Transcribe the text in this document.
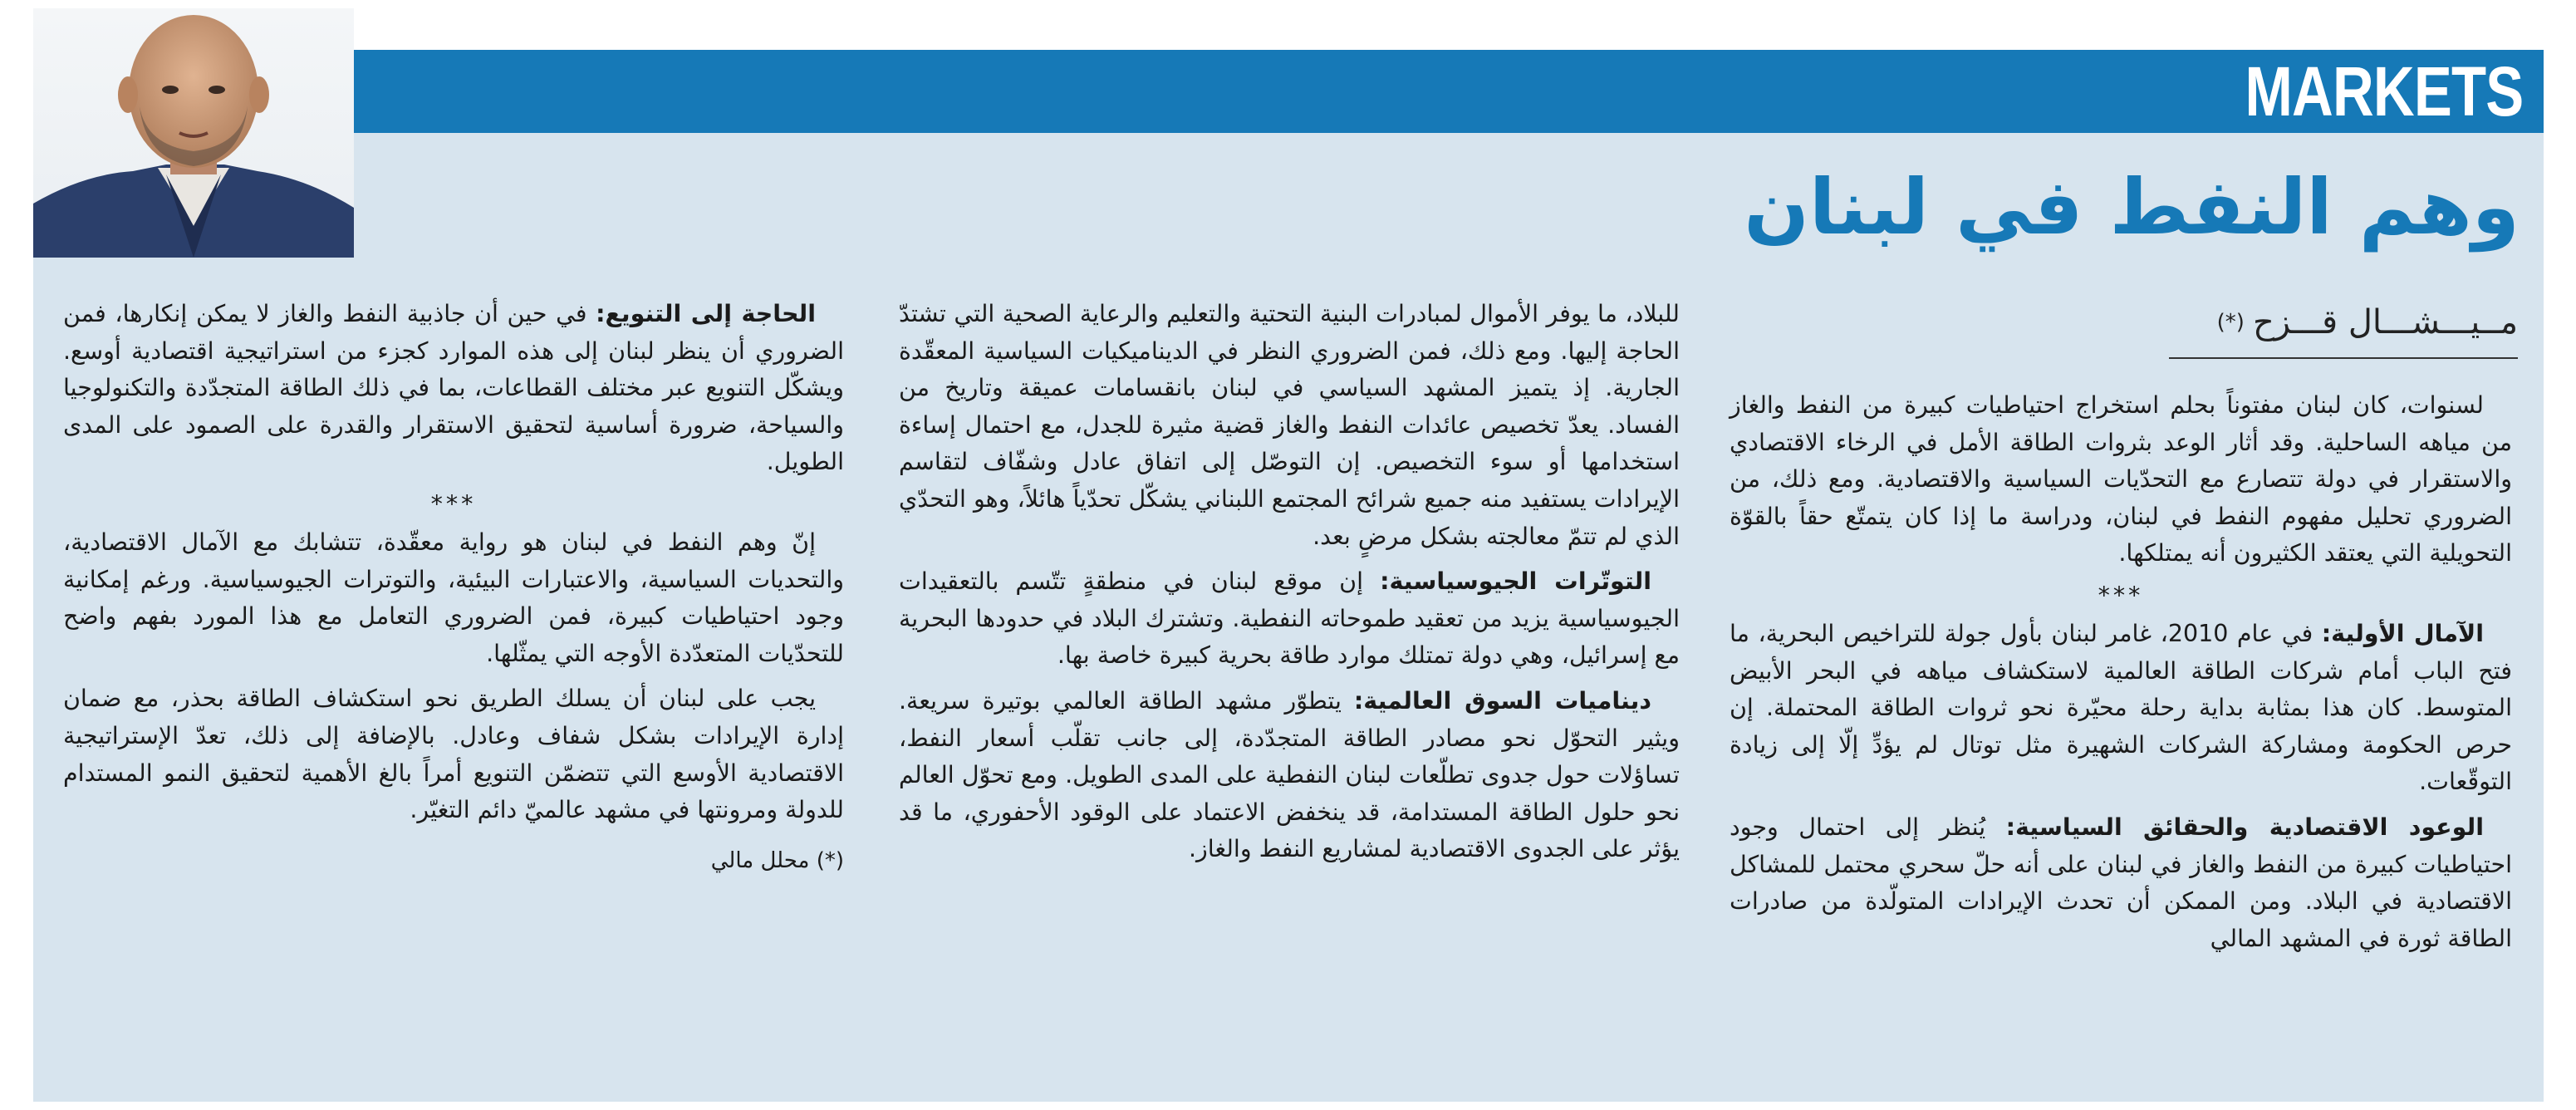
MARKETS
وهم النفط في لبنان
مــيـــشـــال قـــزح(*)

لسنوات، كان لبنان مفتوناً بحلم استخراج احتياطيات كبيرة من النفط والغاز من مياهه الساحلية. وقد أثار الوعد بثروات الطاقة الأمل في الرخاء الاقتصادي والاستقرار في دولة تتصارع مع التحدّيات السياسية والاقتصادية. ومع ذلك، من الضروري تحليل مفهوم النفط في لبنان، ودراسة ما إذا كان يتمتّع حقاً بالقوّة التحويلية التي يعتقد الكثيرون أنه يمتلكها.

***

الآمال الأولية: في عام 2010، غامر لبنان بأول جولة للتراخيص البحرية، ما فتح الباب أمام شركات الطاقة العالمية لاستكشاف مياهه في البحر الأبيض المتوسط. كان هذا بمثابة بداية رحلة محيّرة نحو ثروات الطاقة المحتملة. إن حرص الحكومة ومشاركة الشركات الشهيرة مثل توتال لم يؤدِّ إلّا إلى زيادة التوقّعات.

الوعود الاقتصادية والحقائق السياسية: يُنظر إلى احتمال وجود احتياطيات كبيرة من النفط والغاز في لبنان على أنه حلّ سحري محتمل للمشاكل الاقتصادية في البلاد. ومن الممكن أن تحدث الإيرادات المتولّدة من صادرات الطاقة ثورة في المشهد المالي

للبلاد، ما يوفر الأموال لمبادرات البنية التحتية والتعليم والرعاية الصحية التي تشتدّ الحاجة إليها. ومع ذلك، فمن الضروري النظر في الديناميكيات السياسية المعقّدة الجارية. إذ يتميز المشهد السياسي في لبنان بانقسامات عميقة وتاريخ من الفساد. يعدّ تخصيص عائدات النفط والغاز قضية مثيرة للجدل، مع احتمال إساءة استخدامها أو سوء التخصيص. إن التوصّل إلى اتفاق عادل وشفّاف لتقاسم الإيرادات يستفيد منه جميع شرائح المجتمع اللبناني يشكّل تحدّياً هائلاً، وهو التحدّي الذي لم تتمّ معالجته بشكل مرضٍ بعد.

التوتّرات الجيوسياسية: إن موقع لبنان في منطقةٍ تتّسم بالتعقيدات الجيوسياسية يزيد من تعقيد طموحاته النفطية. وتشترك البلاد في حدودها البحرية مع إسرائيل، وهي دولة تمتلك موارد طاقة بحرية كبيرة خاصة بها.

ديناميات السوق العالمية: يتطوّر مشهد الطاقة العالمي بوتيرة سريعة. ويثير التحوّل نحو مصادر الطاقة المتجدّدة، إلى جانب تقلّب أسعار النفط، تساؤلات حول جدوى تطلّعات لبنان النفطية على المدى الطويل. ومع تحوّل العالم نحو حلول الطاقة المستدامة، قد ينخفض الاعتماد على الوقود الأحفوري، ما قد يؤثر على الجدوى الاقتصادية لمشاريع النفط والغاز.

الحاجة إلى التنويع: في حين أن جاذبية النفط والغاز لا يمكن إنكارها، فمن الضروري أن ينظر لبنان إلى هذه الموارد كجزء من استراتيجية اقتصادية أوسع. ويشكّل التنويع عبر مختلف القطاعات، بما في ذلك الطاقة المتجدّدة والتكنولوجيا والسياحة، ضرورة أساسية لتحقيق الاستقرار والقدرة على الصمود على المدى الطويل.

***

إنّ وهم النفط في لبنان هو رواية معقّدة، تتشابك مع الآمال الاقتصادية، والتحديات السياسية، والاعتبارات البيئية، والتوترات الجيوسياسية. ورغم إمكانية وجود احتياطيات كبيرة، فمن الضروري التعامل مع هذا المورد بفهم واضح للتحدّيات المتعدّدة الأوجه التي يمثّلها.

يجب على لبنان أن يسلك الطريق نحو استكشاف الطاقة بحذر، مع ضمان إدارة الإيرادات بشكل شفاف وعادل. بالإضافة إلى ذلك، تعدّ الإستراتيجية الاقتصادية الأوسع التي تتضمّن التنويع أمراً بالغ الأهمية لتحقيق النمو المستدام للدولة ومرونتها في مشهد عالميّ دائم التغيّر.

(*) محلل مالي
